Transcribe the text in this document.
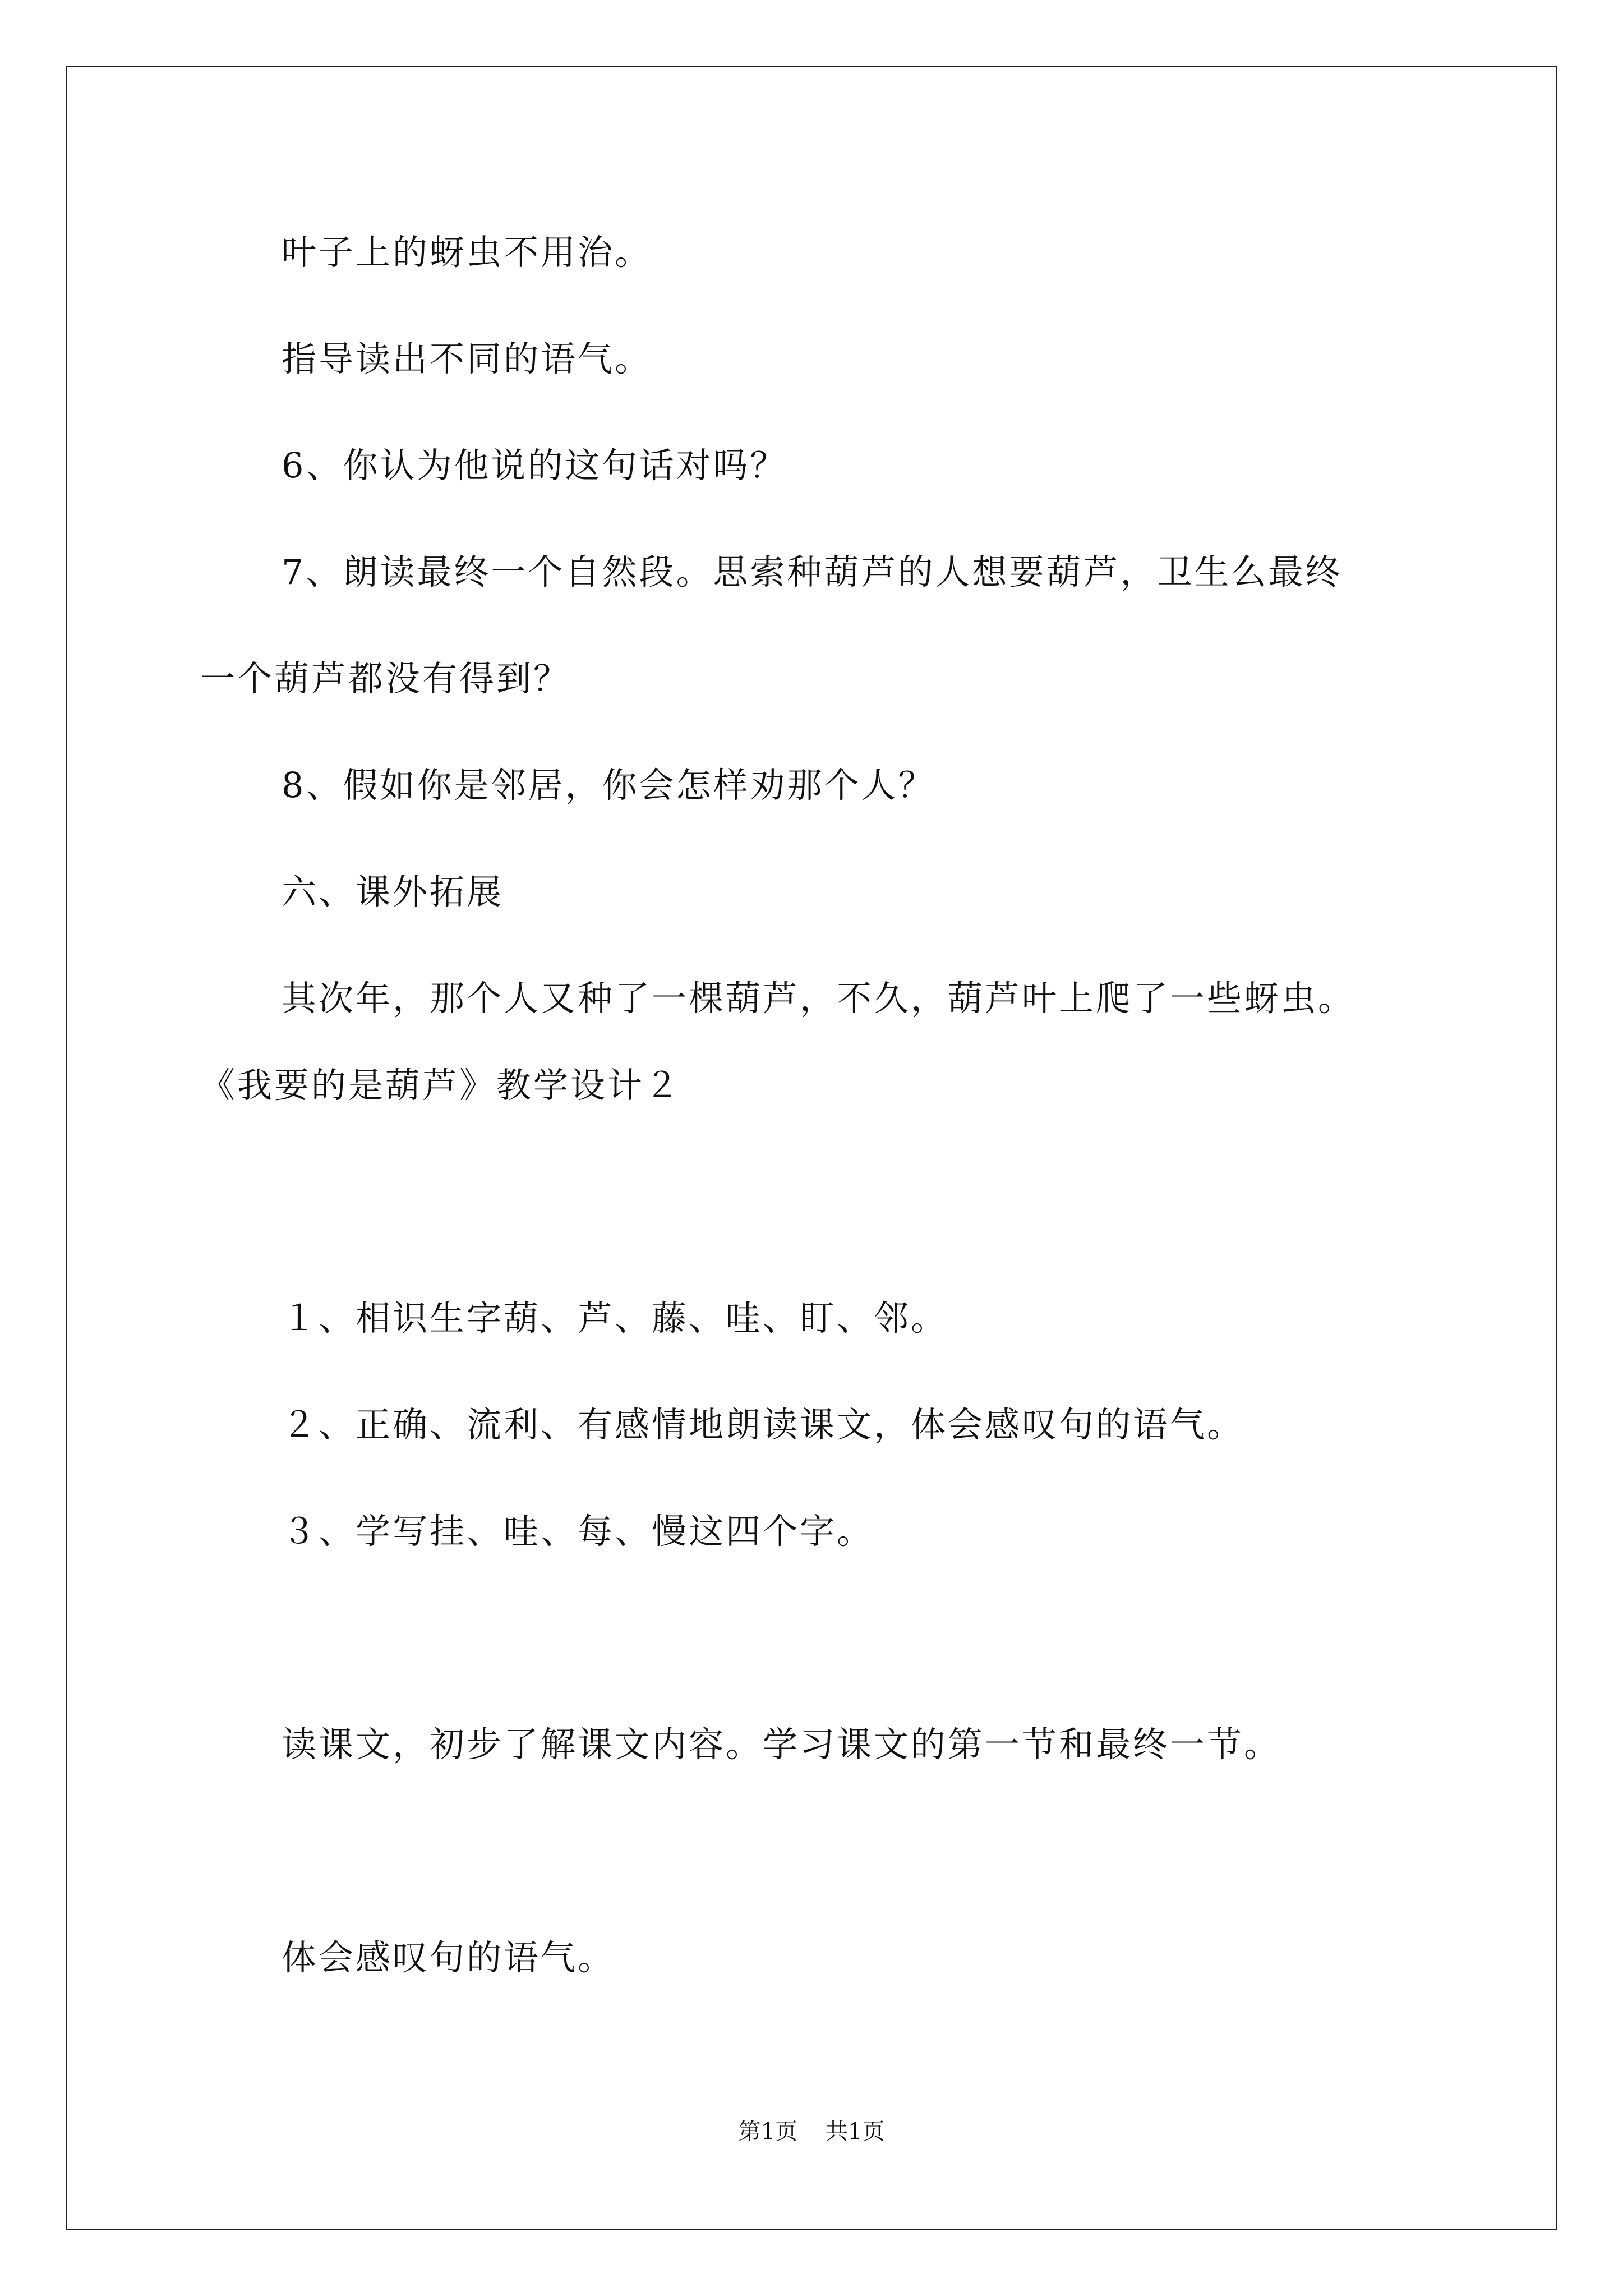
叶子上的蚜虫不用治。
指导读出不同的语气。
6、你认为他说的这句话对吗？
7、朗读最终一个自然段。思索种葫芦的人想要葫芦，卫生么最终
一个葫芦都没有得到？
8、假如你是邻居，你会怎样劝那个人？
六、课外拓展
其次年，那个人又种了一棵葫芦，不久，葫芦叶上爬了一些蚜虫。
《我要的是葫芦》教学设计２
１、相识生字葫、芦、藤、哇、盯、邻。
２、正确、流利、有感情地朗读课文，体会感叹句的语气。
３、学写挂、哇、每、慢这四个字。
读课文，初步了解课文内容。学习课文的第一节和最终一节。
体会感叹句的语气。
第1页 共1页
